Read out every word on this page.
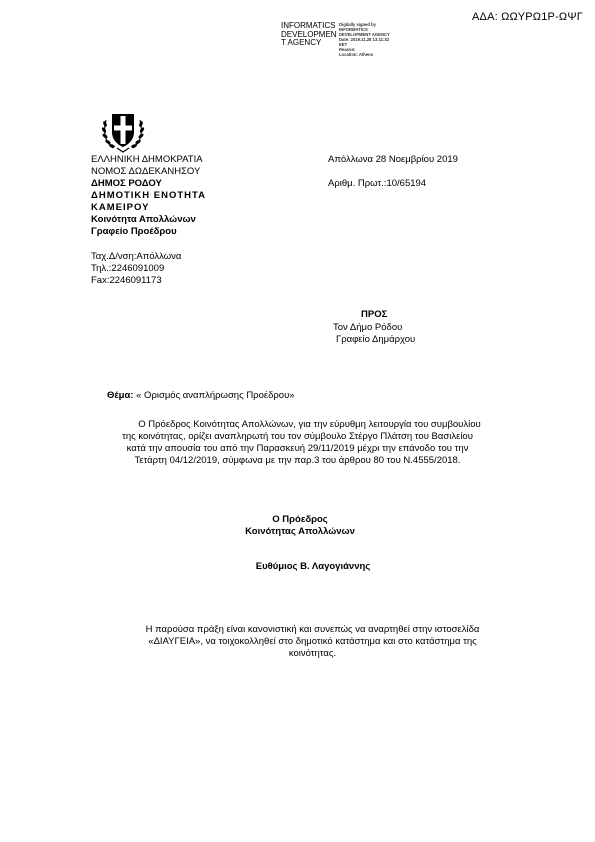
ΑΔΑ: ΩΩΥΡΩ1Ρ-ΩΨΓ
INFORMATICS
DEVELOPMEN
T AGENCY
Digitally signed by
INFORMATICS
DEVELOPMENT AGENCY
Date: 2019.11.28 13:11:32
EET
Reason:
Location: Athens
ΕΛΛΗΝΙΚΗ ΔΗΜΟΚΡΑΤΙΑ
ΝΟΜΟΣ ΔΩΔΕΚΑΝΗΣΟΥ
ΔΗΜΟΣ ΡΟΔΟΥ
ΔΗΜΟΤΙΚΗ ΕΝΟΤΗΤΑ
ΚΑΜΕΙΡΟΥ
Κοινότητα Απολλώνων
Γραφείο Προέδρου
Απόλλωνα 28 Νοεμβρίου 2019
Αριθμ. Πρωτ.:10/65194
Ταχ.Δ/νση:Απόλλωνα
Τηλ.:2246091009
Fax:2246091173
ΠΡΟΣ
Τον Δήμο Ρόδου
Γραφείο Δημάρχου
Θέμα: « Ορισμός αναπλήρωσης Προέδρου»
Ο Πρόεδρος Κοινότητας Απολλώνων, για την εύρυθμη λειτουργία του συμβουλίου
της κοινότητας, ορίζει αναπληρωτή του τον σύμβουλο Στέργο Πλάτση του Βασιλείου
κατά την απουσία του από την Παρασκευή 29/11/2019 μέχρι την επάνοδο του την
Τετάρτη 04/12/2019, σύμφωνα με την παρ.3 του άρθρου 80 του Ν.4555/2018.
Ο Πρόεδρος
Κοινότητας Απολλώνων
Ευθύμιος Β. Λαγογιάννης
Η παρούσα πράξη είναι κανονιστική και συνεπώς να αναρτηθεί στην ιστοσελίδα
«ΔΙΑΥΓΕΙΑ», να τοιχοκολληθεί στο δημοτικό κατάστημα και στο κατάστημα της
κοινότητας.
